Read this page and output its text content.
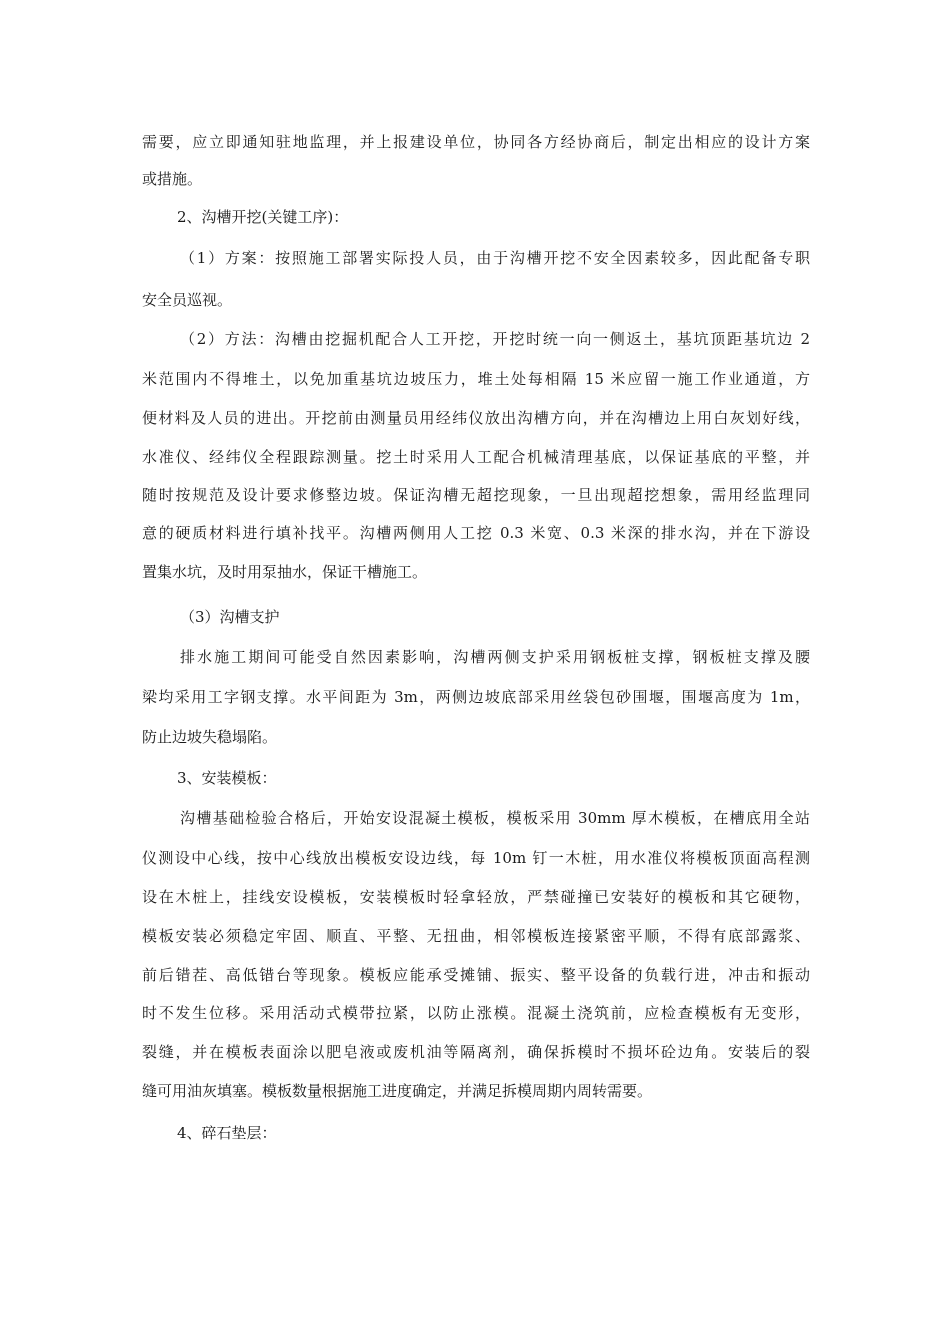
需要，应立即通知驻地监理，并上报建设单位，协同各方经协商后，制定出相应的设计方案
或措施。
2、沟槽开挖(关键工序)：
（1）方案：按照施工部署实际投人员，由于沟槽开挖不安全因素较多，因此配备专职
安全员巡视。
（2）方法：沟槽由挖掘机配合人工开挖，开挖时统一向一侧返土，基坑顶距基坑边 2
米范围内不得堆土，以免加重基坑边坡压力，堆土处每相隔 15 米应留一施工作业通道，方
便材料及人员的进出。开挖前由测量员用经纬仪放出沟槽方向，并在沟槽边上用白灰划好线，
水准仪、经纬仪全程跟踪测量。挖土时采用人工配合机械清理基底，以保证基底的平整，并
随时按规范及设计要求修整边坡。保证沟槽无超挖现象，一旦出现超挖想象，需用经监理同
意的硬质材料进行填补找平。沟槽两侧用人工挖 0.3 米宽、0.3 米深的排水沟，并在下游设
置集水坑，及时用泵抽水，保证干槽施工。
（3）沟槽支护
排水施工期间可能受自然因素影响，沟槽两侧支护采用钢板桩支撑，钢板桩支撑及腰
梁均采用工字钢支撑。水平间距为 3m，两侧边坡底部采用丝袋包砂围堰，围堰高度为 1m，
防止边坡失稳塌陷。
3、安装模板：
沟槽基础检验合格后，开始安设混凝土模板，模板采用 30mm 厚木模板，在槽底用全站
仪测设中心线，按中心线放出模板安设边线，每 10m 钉一木桩，用水准仪将模板顶面高程测
设在木桩上，挂线安设模板，安装模板时轻拿轻放，严禁碰撞已安装好的模板和其它硬物，
模板安装必须稳定牢固、顺直、平整、无扭曲，相邻模板连接紧密平顺，不得有底部露浆、
前后错茬、高低错台等现象。模板应能承受摊铺、振实、整平设备的负载行进，冲击和振动
时不发生位移。采用活动式模带拉紧，以防止涨模。混凝土浇筑前，应检查模板有无变形，
裂缝，并在模板表面涂以肥皂液或废机油等隔离剂，确保拆模时不损坏砼边角。安装后的裂
缝可用油灰填塞。模板数量根据施工进度确定，并满足拆模周期内周转需要。
4、碎石垫层：
